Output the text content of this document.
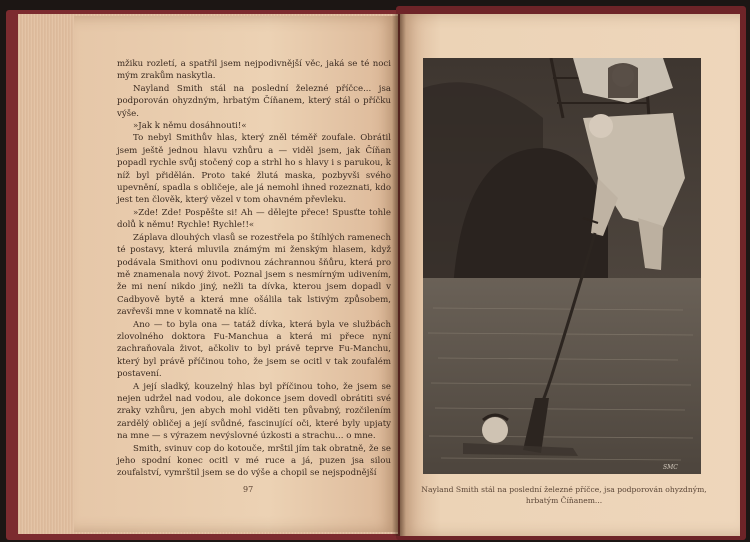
mžiku rozletí, a spatřil jsem nejpodivnější věc, jaká se té noci mým zrakům naskytla.

Nayland Smith stál na poslední železné příčce... jsa podporován ohyzdným, hrbatým Číňanem, který stál o příčku výše.

»Jak k němu dosáhnouti!«

To nebyl Smithův hlas, který zněl téměř zoufale. Obrátil jsem ještě jednou hlavu vzhůru a — viděl jsem, jak Číňan popadl rychle svůj stočený cop a strhl ho s hlavy i s parukou, k níž byl přidělán. Proto také žlutá maska, pozbyvši svého upevnění, spadla s obličeje, ale já nemohl ihned rozeznati, kdo jest ten člověk, který vězel v tom ohavném převleku.

»Zde! Zde! Pospěšte si! Ah — dělejte přece! Spusťte tohle dolů k němu! Rychle! Rychle!!«

Záplava dlouhých vlasů se rozestřela po štíhlých ramenech té postavy, která mluvila známým mi ženským hlasem, když podávala Smithovi onu podivnou záchrannou šňůru, která pro mě znamenala nový život. Poznal jsem s nesmírným udivením, že mi není nikdo jiný, nežli ta dívka, kterou jsem dopadl v Cadbyově bytě a která mne ošálila tak lstivým způsobem, zavřevši mne v komnatě na klíč.

Ano — to byla ona — tatáž dívka, která byla ve službách zlovolného doktora Fu-Manchua a která mi přece nyní zachraňovala život, ačkoliv to byl právě teprve Fu-Manchu, který byl právě příčinou toho, že jsem se ocitl v tak zoufalém postavení.

A její sladký, kouzelný hlas byl příčinou toho, že jsem se nejen udržel nad vodou, ale dokonce jsem dovedl obrátiti své zraky vzhůru, jen abych mohl viděti ten půvabný, rozčilením zardělý obličej a její svůdné, fascinující oči, které byly upjaty na mne — s výrazem nevýslovné úzkosti a strachu... o mne.

Smith, svinuv cop do kotouče, mrštil jím tak obratně, že se jeho spodní konec ocitl v mé ruce a já, puzen jsa silou zoufalství, vymrštil jsem se do výše a chopil se nejspodnější

97
SMC
Nayland Smith stál na poslední železné příčce, jsa podporován ohyzdným,
hrbatým Číňanem...
